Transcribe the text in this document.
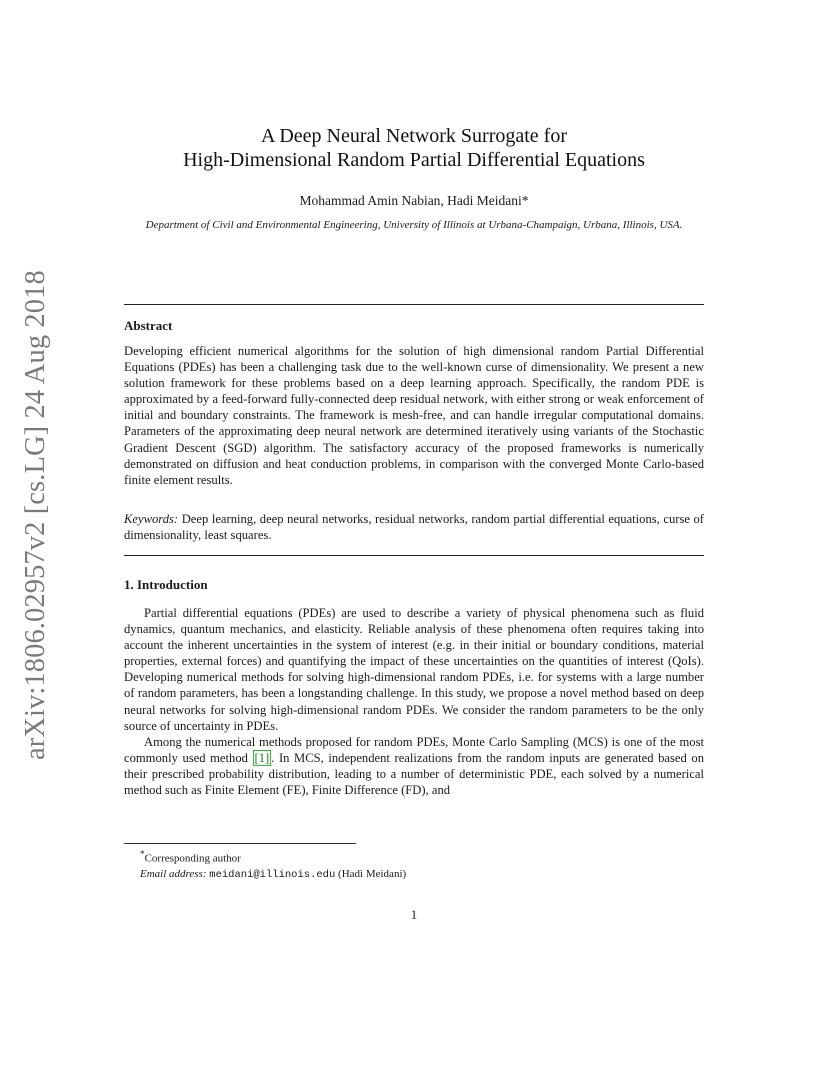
arXiv:1806.02957v2 [cs.LG] 24 Aug 2018
A Deep Neural Network Surrogate for
High-Dimensional Random Partial Differential Equations
Mohammad Amin Nabian, Hadi Meidani*
Department of Civil and Environmental Engineering, University of Illinois at Urbana-Champaign, Urbana, Illinois, USA.
Abstract

Developing efficient numerical algorithms for the solution of high dimensional random Partial Differential Equations (PDEs) has been a challenging task due to the well-known curse of dimensionality. We present a new solution framework for these problems based on a deep learning approach. Specifically, the random PDE is approximated by a feed-forward fully-connected deep residual network, with either strong or weak enforcement of initial and boundary constraints. The framework is mesh-free, and can handle irregular computational domains. Parameters of the approximating deep neural network are determined iteratively using variants of the Stochastic Gradient Descent (SGD) algorithm. The satisfactory accuracy of the proposed frameworks is numerically demonstrated on diffusion and heat conduction problems, in comparison with the converged Monte Carlo-based finite element results.

Keywords: Deep learning, deep neural networks, residual networks, random partial differential equations, curse of dimensionality, least squares.

1. Introduction

Partial differential equations (PDEs) are used to describe a variety of physical phenomena such as fluid dynamics, quantum mechanics, and elasticity. Reliable analysis of these phenomena often requires taking into account the inherent uncertainties in the system of interest (e.g. in their initial or boundary conditions, material properties, external forces) and quantifying the impact of these uncertainties on the quantities of interest (QoIs). Developing numerical methods for solving high-dimensional random PDEs, i.e. for systems with a large number of random parameters, has been a longstanding challenge. In this study, we propose a novel method based on deep neural networks for solving high-dimensional random PDEs. We consider the random parameters to be the only source of uncertainty in PDEs.

Among the numerical methods proposed for random PDEs, Monte Carlo Sampling (MCS) is one of the most commonly used method [1] . In MCS, independent realizations from the random inputs are generated based on their prescribed probability distribution, leading to a number of deterministic PDE, each solved by a numerical method such as Finite Element (FE), Finite Difference (FD), and

*Corresponding author
Email address: meidani@illinois.edu (Hadi Meidani)
1
